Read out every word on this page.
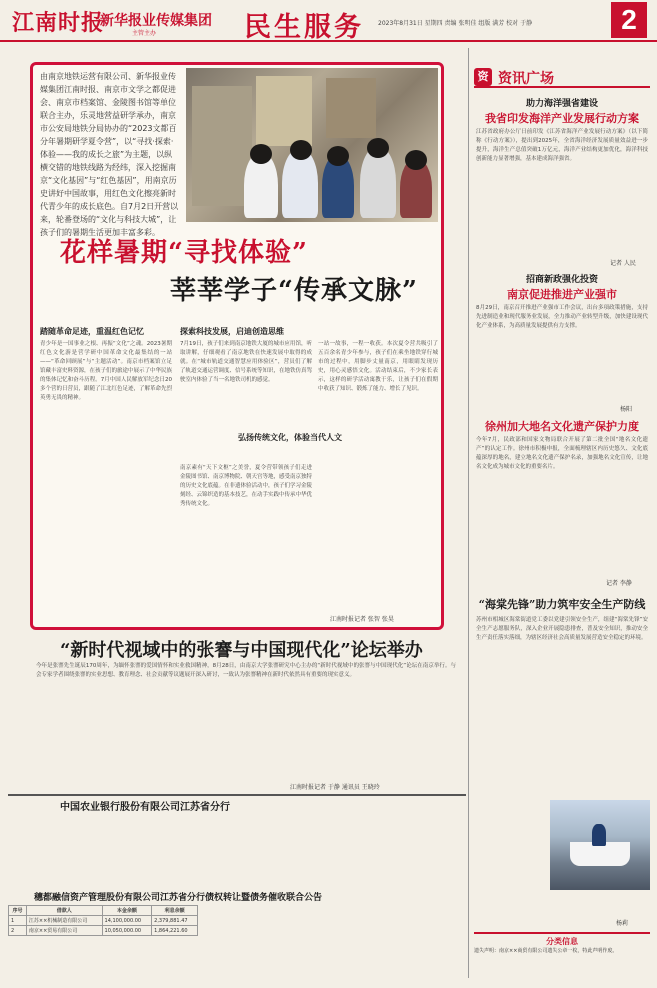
江南时报
新华报业传媒集团
主管主办	民生服务 2023年8月31日 星期四 责编 张明佳 组版 满芳 校对 于静	2
由南京地铁运营有限公司、新华报业传媒集团江南时报、南京市文学之都促进会、南京市档案馆、金陵图书馆等单位联合主办，乐灵地营益研学承办，南京市公安局地铁分局协办的“2023文都百分年暑期研学夏令营”，以“寻找·探索·体验——我的成长之旅”为主题，以纵横交错的地铁线路为经纬，深入挖掘南京“文化基因”与“红色基因”，用南京历史讲好中国故事，用红色文化擦亮新时代青少年的成长底色。自7月2日开营以来，轮番登场的“文化与科技大城”，让孩子们的暑期生活更加丰富多彩。
花样暑期“寻找体验”
莘莘学子“传承文脉”
踏随革命足迹，重温红色记忆
青少年是一国事业之根、再振“文化”之魂。2023暑期红色文化游是营学研中国革命文化最集结的一站——“革命回顾展”与“主题活动”。南京市档案馆立足馆藏丰富史料资源，在孩子们的旅途中展示了中华民族的集体记忆和奋斗历程。7月中国人民解放军纪念日20多个营的日营员，跟随了江北红色足迹，了解革命先烈英勇无畏的精神。
探索科技发展，启迪创造思维
7月19日，孩子们来到南京地铁大厦的城市应用馆，听取讲解，仔细观看了南京地铁在快速发展中取得的成就。在“城市轨道交通智慧应用体验区”，营员们了解了轨道交通运营调度、信号系统等知识，在地铁仿真驾驶室内体验了当一名地铁司机的感觉。
弘扬传统文化，体验当代人文
南京素有“天下文枢”之美誉，夏令营带领孩子们走进金陵图书馆、南京博物院、朝天宫等地，感受南京独特的历史文化底蕴。在非遗体验活动中，孩子们学习金陵刻经、云锦织造的基本技艺，在动手实践中传承中华优秀传统文化。
一站一故事，一程一收获。本次夏令营共吸引了五百余名青少年参与，孩子们在乘坐地铁穿行城市的过程中，用脚步丈量南京，用眼睛发现历史，用心灵感悟文化。活动结束后，不少家长表示，这样的研学活动寓教于乐，让孩子们在假期中收获了知识、锻炼了能力、增长了见识。
江南时报记者 张智 张昊
“新时代视域中的张謇与中国现代化”论坛举办
今年是张謇先生诞辰170周年，为缅怀张謇的爱国情怀和实业救国精神，8月28日，由南京大学张謇研究中心主办的“新时代视域中的张謇与中国现代化”论坛在南京举行。与会专家学者围绕张謇的实业思想、教育理念、社会贡献等议题展开深入研讨，一致认为张謇精神在新时代依然具有重要的现实意义。
江南时报记者 于静 通讯员 王晓玲
中国农业银行股份有限公司江苏省分行
穗都融信资产管理股份有限公司江苏省分行债权转让暨债务催收联合公告
序号	借款人	本金余额	利息余额
1	江苏××机械制造有限公司	14,100,000.00	2,379,881.47
2	南京××贸易有限公司	10,050,000.00	1,864,221.60
资 资讯广场
助力海洋强省建设
我省印发海洋产业发展行动方案
江苏省政府办公厅日前印发《江苏省海洋产业发展行动方案》（以下简称《行动方案》），提出到2025年，全省海洋经济发展质量效益进一步提升，海洋生产总值突破1万亿元，海洋产业结构更加优化，海洋科技创新能力显著增强，基本建成海洋强省。
记者 人民
招商新政强化投资
南京促进推进产业强市
8月29日，南京召开推进产业强市工作会议，出台多项政策措施，支持先进制造业和现代服务业发展，全力推动产业转型升级，加快建设现代化产业体系，为高质量发展提供有力支撑。
杨阳
徐州加大地名文化遗产保护力度
今年7月，民政部和国家文物局联合开展了第二批全国“地名文化遗产”的认定工作。徐州市积极申报，全面梳理辖区内历史悠久、文化底蕴深厚的地名，建立地名文化遗产保护名录，加强地名文化宣传，让地名文化成为城市文化的重要名片。
记者 李静
“海棠先锋”助力筑牢安全生产防线
苏州市相城区海棠街道党工委以党建引领安全生产，组建“海棠先锋”安全生产志愿服务队，深入企业开展隐患排查，普及安全知识，推动安全生产责任落实落细，为辖区经济社会高质量发展营造安全稳定的环境。
杨莉
分类信息
遗失声明：南京××商贸有限公司遗失公章一枚，特此声明作废。
